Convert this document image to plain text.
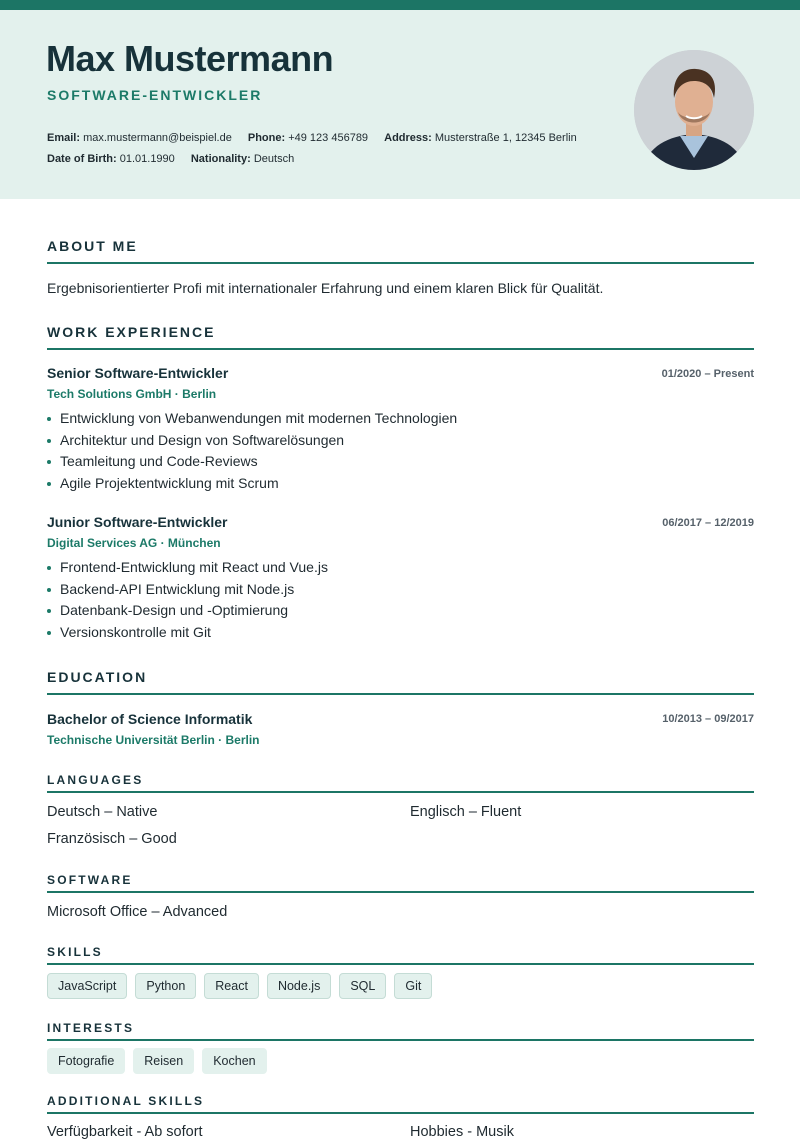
Max Mustermann
SOFTWARE-ENTWICKLER
Email: max.mustermann@beispiel.de Phone: +49 123 456789 Address: Musterstraße 1, 12345 Berlin
Date of Birth: 01.01.1990 Nationality: Deutsch
ABOUT ME
Ergebnisorientierter Profi mit internationaler Erfahrung und einem klaren Blick für Qualität.
WORK EXPERIENCE
Senior Software-Entwickler	01/2020 – Present
Tech Solutions GmbH · Berlin
Entwicklung von Webanwendungen mit modernen Technologien
Architektur und Design von Softwarelösungen
Teamleitung und Code-Reviews
Agile Projektentwicklung mit Scrum
Junior Software-Entwickler	06/2017 – 12/2019
Digital Services AG · München
Frontend-Entwicklung mit React und Vue.js
Backend-API Entwicklung mit Node.js
Datenbank-Design und -Optimierung
Versionskontrolle mit Git
EDUCATION
Bachelor of Science Informatik	10/2013 – 09/2017
Technische Universität Berlin · Berlin
LANGUAGES
Deutsch – Native	Englisch – Fluent
Französisch – Good
SOFTWARE
Microsoft Office – Advanced
SKILLS
JavaScript	Python	React	Node.js	SQL	Git
INTERESTS
Fotografie	Reisen	Kochen
ADDITIONAL SKILLS
Verfügbarkeit - Ab sofort	Hobbies - Musik
